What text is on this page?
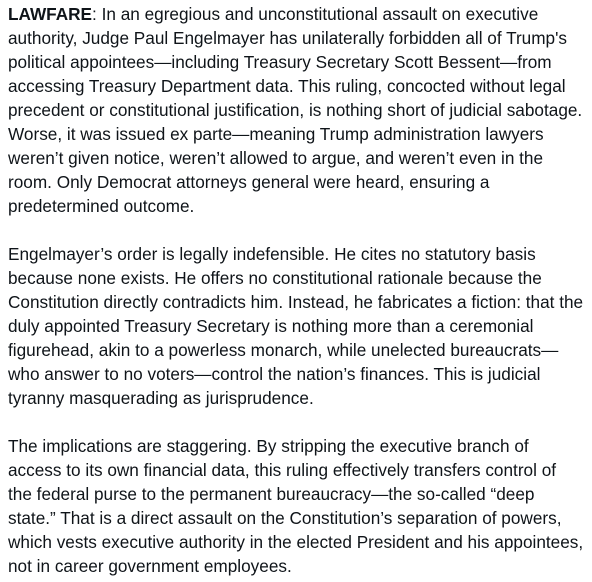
LAWFARE: In an egregious and unconstitutional assault on executive authority, Judge Paul Engelmayer has unilaterally forbidden all of Trump's political appointees—including Treasury Secretary Scott Bessent—from accessing Treasury Department data. This ruling, concocted without legal precedent or constitutional justification, is nothing short of judicial sabotage. Worse, it was issued ex parte—meaning Trump administration lawyers weren’t given notice, weren’t allowed to argue, and weren’t even in the room. Only Democrat attorneys general were heard, ensuring a predetermined outcome.

Engelmayer’s order is legally indefensible. He cites no statutory basis because none exists. He offers no constitutional rationale because the Constitution directly contradicts him. Instead, he fabricates a fiction: that the duly appointed Treasury Secretary is nothing more than a ceremonial figurehead, akin to a powerless monarch, while unelected bureaucrats—who answer to no voters—control the nation’s finances. This is judicial tyranny masquerading as jurisprudence.

The implications are staggering. By stripping the executive branch of access to its own financial data, this ruling effectively transfers control of the federal purse to the permanent bureaucracy—the so-called “deep state.” That is a direct assault on the Constitution’s separation of powers, which vests executive authority in the elected President and his appointees, not in career government employees.
